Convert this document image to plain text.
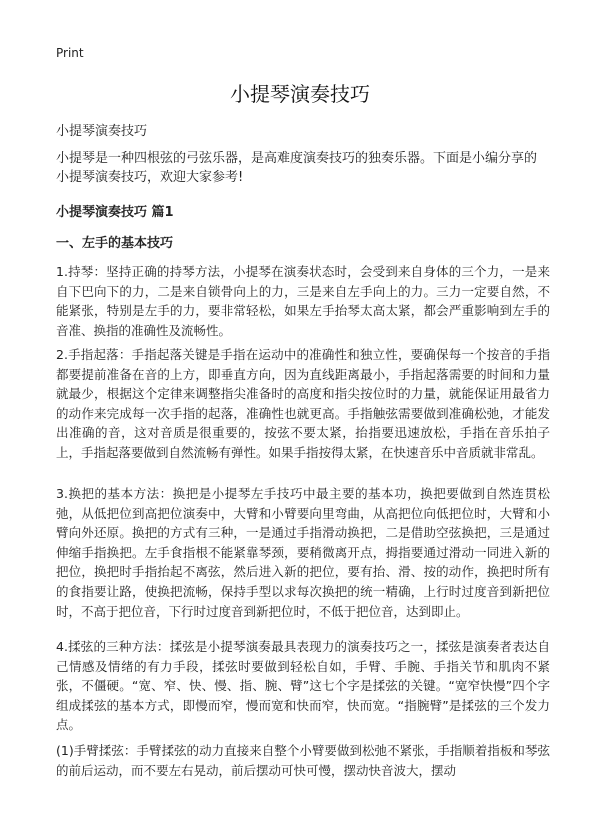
Print
小提琴演奏技巧

小提琴演奏技巧

小提琴是一种四根弦的弓弦乐器，是高难度演奏技巧的独奏乐器。下面是小编分享的小提琴演奏技巧，欢迎大家参考!

小提琴演奏技巧 篇1
一、左手的基本技巧

1.持琴：坚持正确的持琴方法，小提琴在演奏状态时，会受到来自身体的三个力，一是来自下巴向下的力，二是来自锁骨向上的力，三是来自左手向上的力。三力一定要自然，不能紧张，特别是左手的力，要非常轻松，如果左手抬琴太高太紧，都会严重影响到左手的音准、换指的准确性及流畅性。

2.手指起落：手指起落关键是手指在运动中的准确性和独立性，要确保每一个按音的手指都要提前准备在音的上方，即垂直方向，因为直线距离最小，手指起落需要的时间和力量就最少，根据这个定律来调整指尖准备时的高度和指尖按位时的力量，就能保证用最省力的动作来完成每一次手指的起落，准确性也就更高。手指触弦需要做到准确松弛，才能发出准确的音，这对音质是很重要的，按弦不要太紧，抬指要迅速放松，手指在音乐拍子上，手指起落要做到自然流畅有弹性。如果手指按得太紧，在快速音乐中音质就非常乱。

3.换把的基本方法：换把是小提琴左手技巧中最主要的基本功，换把要做到自然连贯松弛，从低把位到高把位演奏中，大臂和小臂要向里弯曲，从高把位向低把位时，大臂和小臂向外还原。换把的方式有三种，一是通过手指滑动换把，二是借助空弦换把，三是通过伸缩手指换把。左手食指根不能紧靠琴颈，要稍微离开点，拇指要通过滑动一同进入新的把位，换把时手指抬起不离弦，然后进入新的把位，要有抬、滑、按的动作，换把时所有的食指要让路，使换把流畅，保持手型以求每次换把的统一精确，上行时过度音到新把位时，不高于把位音，下行时过度音到新把位时，不低于把位音，达到即止。

4.揉弦的三种方法：揉弦是小提琴演奏最具表现力的演奏技巧之一，揉弦是演奏者表达自己情感及情绪的有力手段，揉弦时要做到轻松自如，手臂、手腕、手指关节和肌肉不紧张，不僵硬。“宽、窄、快、慢、指、腕、臂”这七个字是揉弦的关键。“宽窄快慢”四个字组成揉弦的基本方式，即慢而窄，慢而宽和快而窄，快而宽。“指腕臂”是揉弦的三个发力点。

(1)手臂揉弦：手臂揉弦的动力直接来自整个小臂要做到松弛不紧张，手指顺着指板和琴弦的前后运动，而不要左右晃动，前后摆动可快可慢，摆动快音波大，摆动
